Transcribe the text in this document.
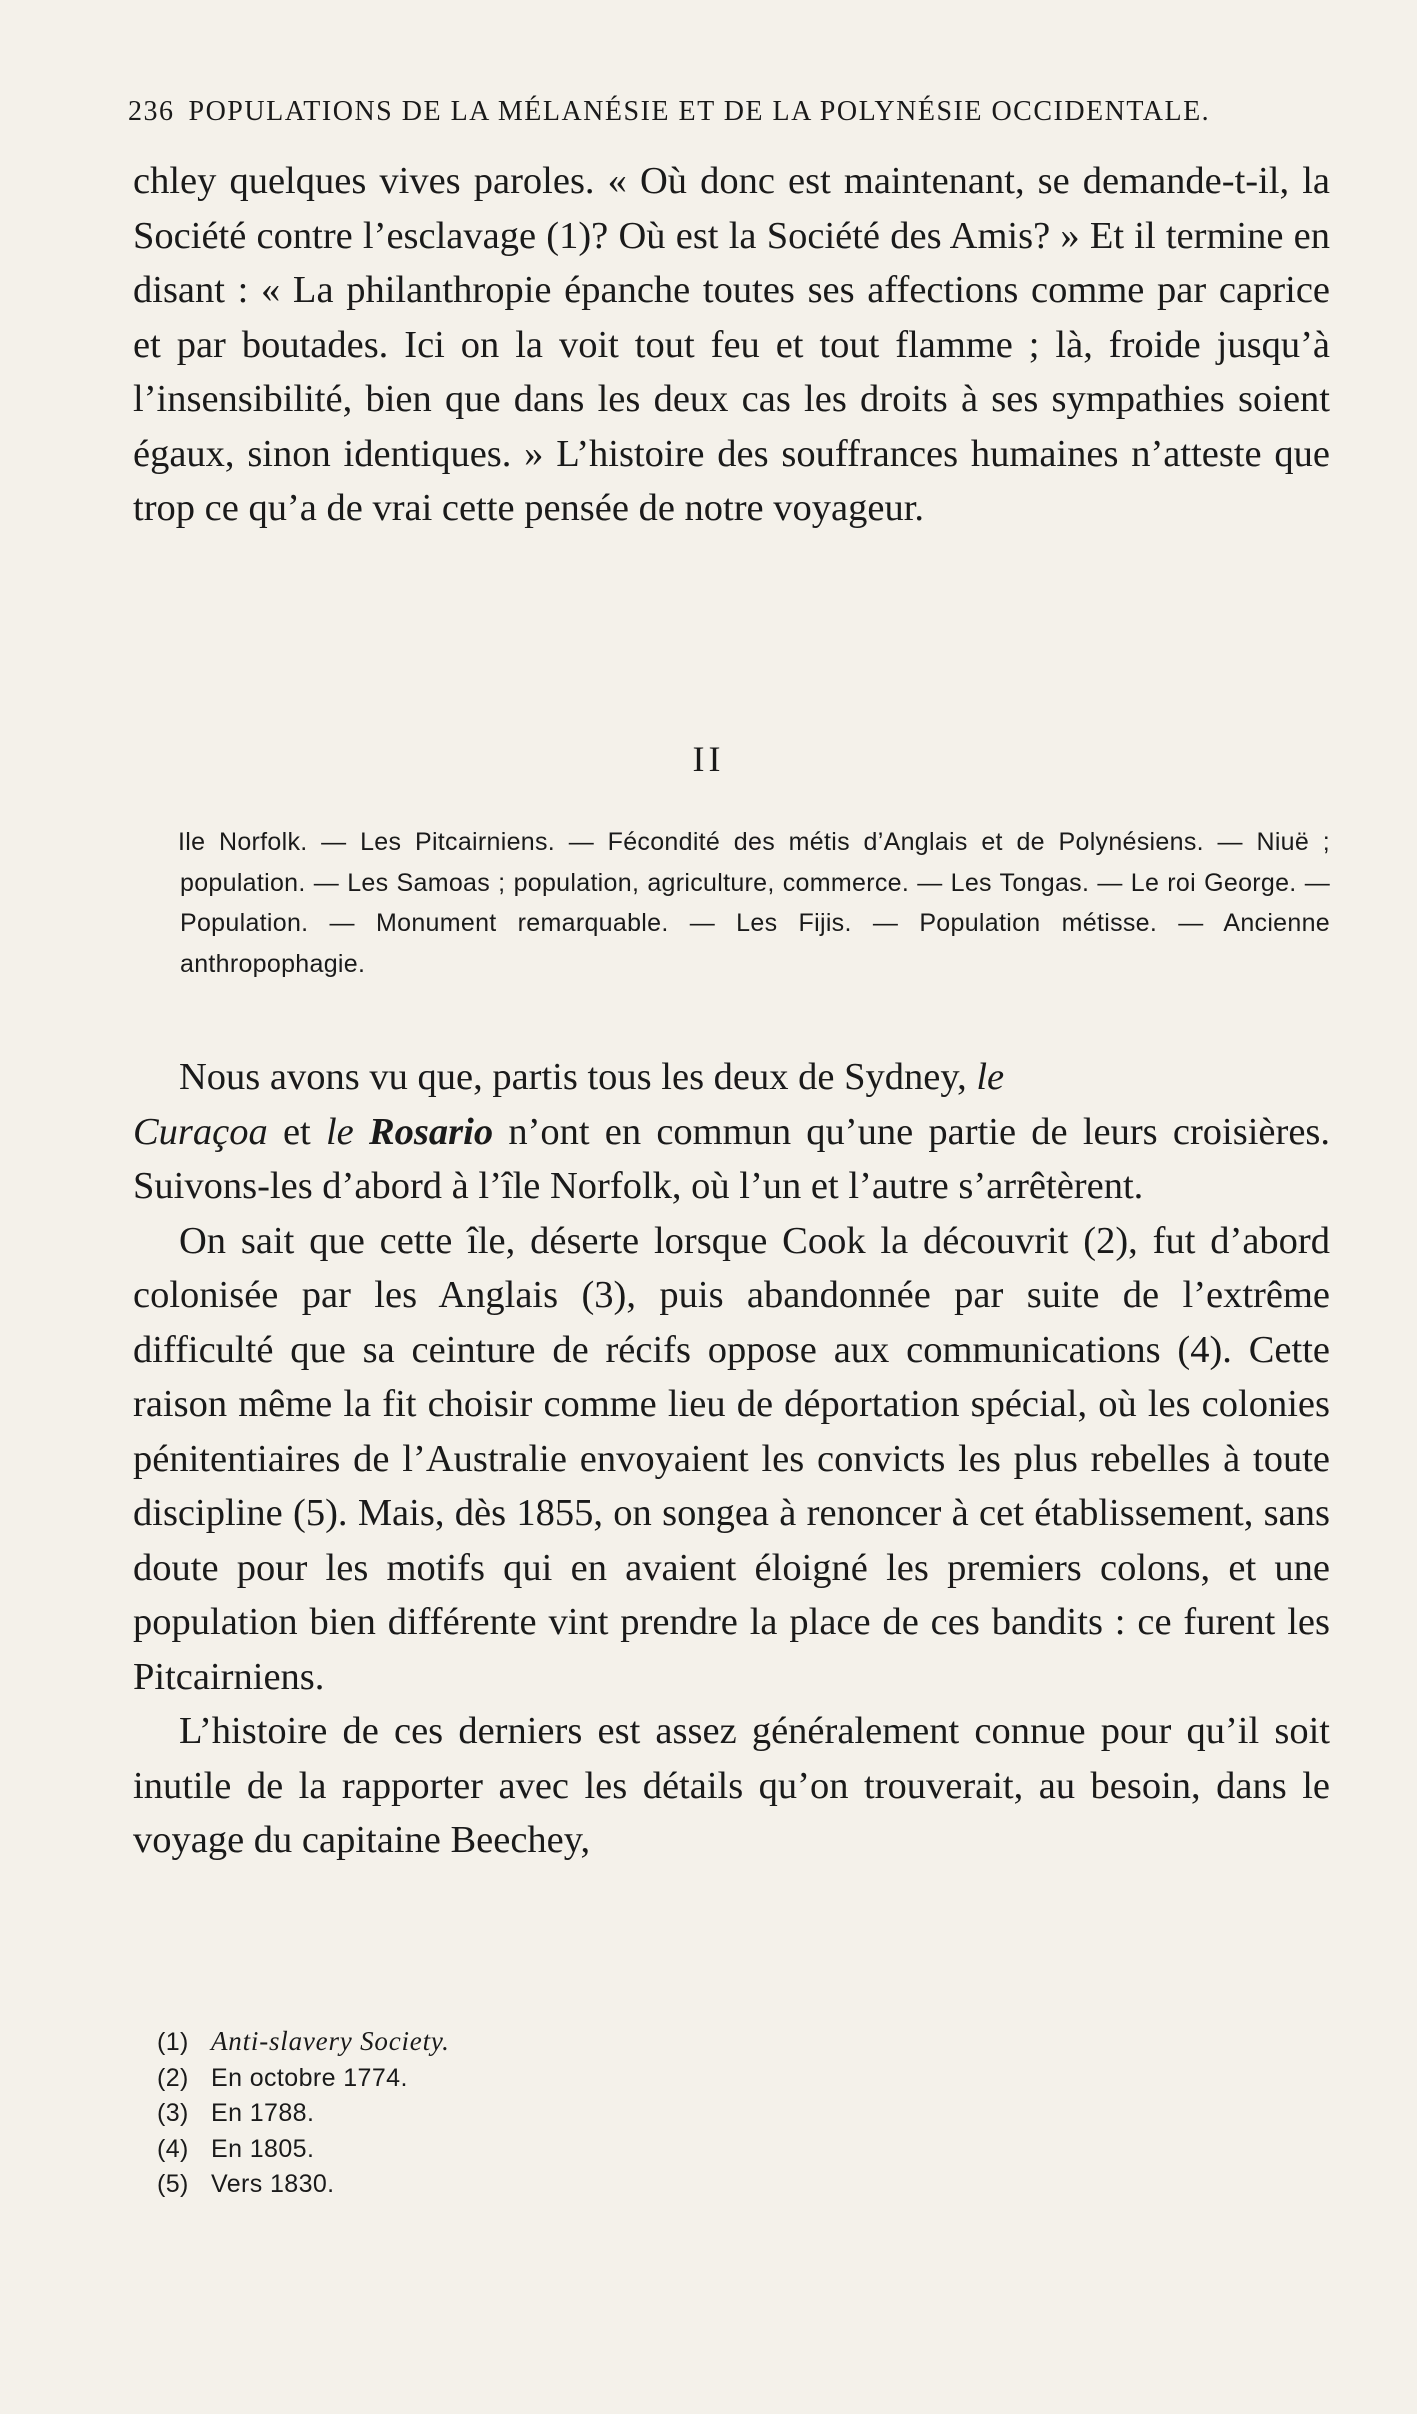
236 POPULATIONS DE LA MÉLANÉSIE ET DE LA POLYNÉSIE OCCIDENTALE.

chley quelques vives paroles. « Où donc est maintenant, se demande-t-il, la Société contre l’esclavage (1)? Où est la Société des Amis? » Et il termine en disant : « La philanthropie épanche toutes ses affections comme par caprice et par boutades. Ici on la voit tout feu et tout flamme ; là, froide jusqu’à l’insensibilité, bien que dans les deux cas les droits à ses sympathies soient égaux, sinon identiques. » L’histoire des souffrances humaines n’atteste que trop ce qu’a de vrai cette pensée de notre voyageur.

II

Ile Norfolk. — Les Pitcairniens. — Fécondité des métis d’Anglais et de Polynésiens. — Niuë ; population. — Les Samoas ; population, agriculture, commerce. — Les Tongas. — Le roi George. — Population. — Monument remarquable. — Les Fijis. — Population métisse. — Ancienne anthropophagie.

Nous avons vu que, partis tous les deux de Sydney, le
Curaçoa et le Rosario n’ont en commun qu’une partie de leurs croisières. Suivons-les d’abord à l’île Norfolk, où l’un et l’autre s’arrêtèrent.

On sait que cette île, déserte lorsque Cook la découvrit (2), fut d’abord colonisée par les Anglais (3), puis abandonnée par suite de l’extrême difficulté que sa ceinture de récifs oppose aux communications (4). Cette raison même la fit choisir comme lieu de déportation spécial, où les colonies pénitentiaires de l’Australie envoyaient les convicts les plus rebelles à toute discipline (5). Mais, dès 1855, on songea à renoncer à cet établissement, sans doute pour les motifs qui en avaient éloigné les premiers colons, et une population bien différente vint prendre la place de ces bandits : ce furent les Pitcairniens.

L’histoire de ces derniers est assez généralement connue pour qu’il soit inutile de la rapporter avec les détails qu’on trouverait, au besoin, dans le voyage du capitaine Beechey,

(1) Anti-slavery Society.
(2) En octobre 1774.
(3) En 1788.
(4) En 1805.
(5) Vers 1830.
